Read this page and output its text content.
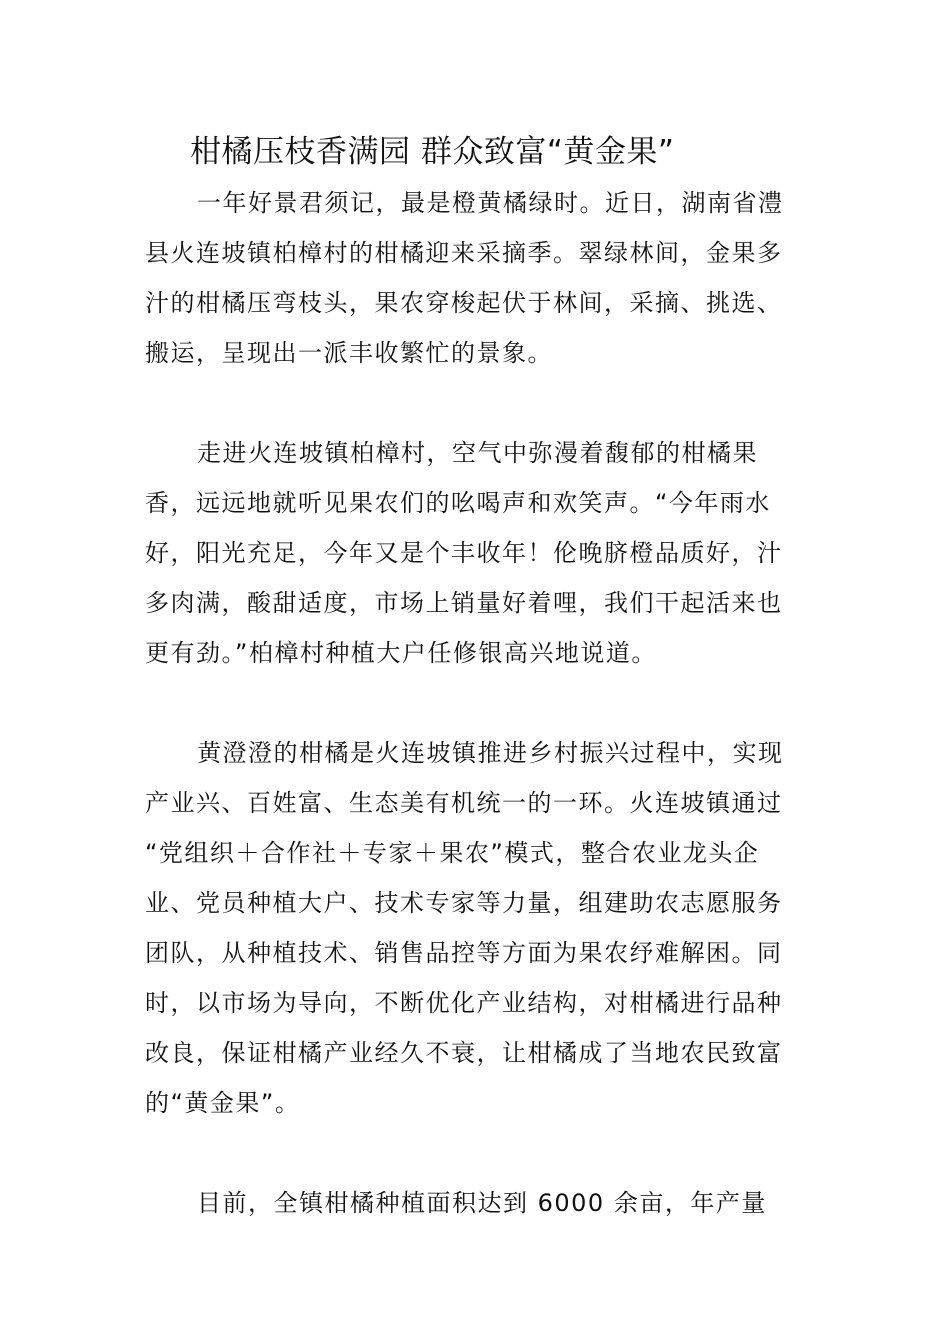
柑橘压枝香满园 群众致富“黄金果”

一年好景君须记，最是橙黄橘绿时。近日，湖南省澧
县火连坡镇柏樟村的柑橘迎来采摘季。翠绿林间，金果多
汁的柑橘压弯枝头，果农穿梭起伏于林间，采摘、挑选、
搬运，呈现出一派丰收繁忙的景象。

走进火连坡镇柏樟村，空气中弥漫着馥郁的柑橘果
香，远远地就听见果农们的吆喝声和欢笑声。“今年雨水
好，阳光充足，今年又是个丰收年！伦晚脐橙品质好，汁
多肉满，酸甜适度，市场上销量好着哩，我们干起活来也
更有劲。”柏樟村种植大户任修银高兴地说道。

黄澄澄的柑橘是火连坡镇推进乡村振兴过程中，实现
产业兴、百姓富、生态美有机统一的一环。火连坡镇通过
“党组织＋合作社＋专家＋果农”模式，整合农业龙头企
业、党员种植大户、技术专家等力量，组建助农志愿服务
团队，从种植技术、销售品控等方面为果农纾难解困。同
时，以市场为导向，不断优化产业结构，对柑橘进行品种
改良，保证柑橘产业经久不衰，让柑橘成了当地农民致富
的“黄金果”。

目前，全镇柑橘种植面积达到 6000 余亩，年产量
